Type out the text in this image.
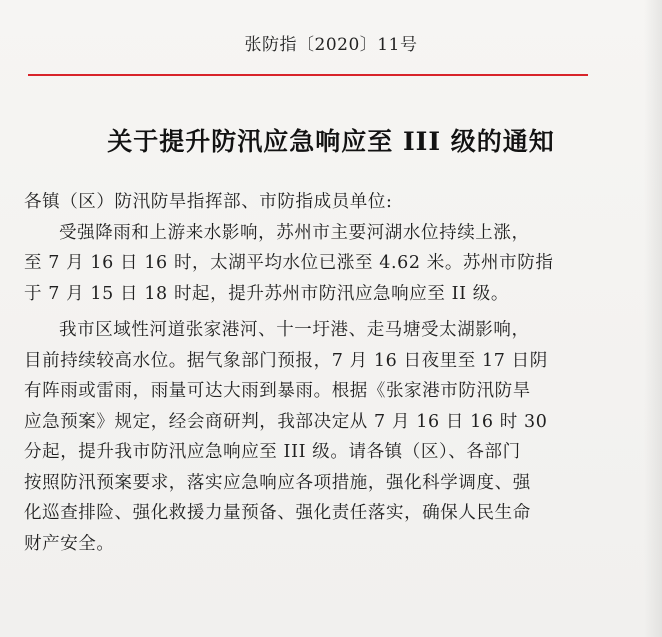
张防指〔2020〕11号
关于提升防汛应急响应至 III 级的通知

各镇（区）防汛防旱指挥部、市防指成员单位:

受强降雨和上游来水影响，苏州市主要河湖水位持续上涨，
至 7 月 16 日 16 时，太湖平均水位已涨至 4.62 米。苏州市防指
于 7 月 15 日 18 时起，提升苏州市防汛应急响应至 II 级。

我市区域性河道张家港河、十一圩港、走马塘受太湖影响，
目前持续较高水位。据气象部门预报，7 月 16 日夜里至 17 日阴
有阵雨或雷雨，雨量可达大雨到暴雨。根据《张家港市防汛防旱
应急预案》规定，经会商研判，我部决定从 7 月 16 日 16 时 30
分起，提升我市防汛应急响应至 III 级。请各镇（区）、各部门
按照防汛预案要求，落实应急响应各项措施，强化科学调度、强
化巡查排险、强化救援力量预备、强化责任落实，确保人民生命
财产安全。
